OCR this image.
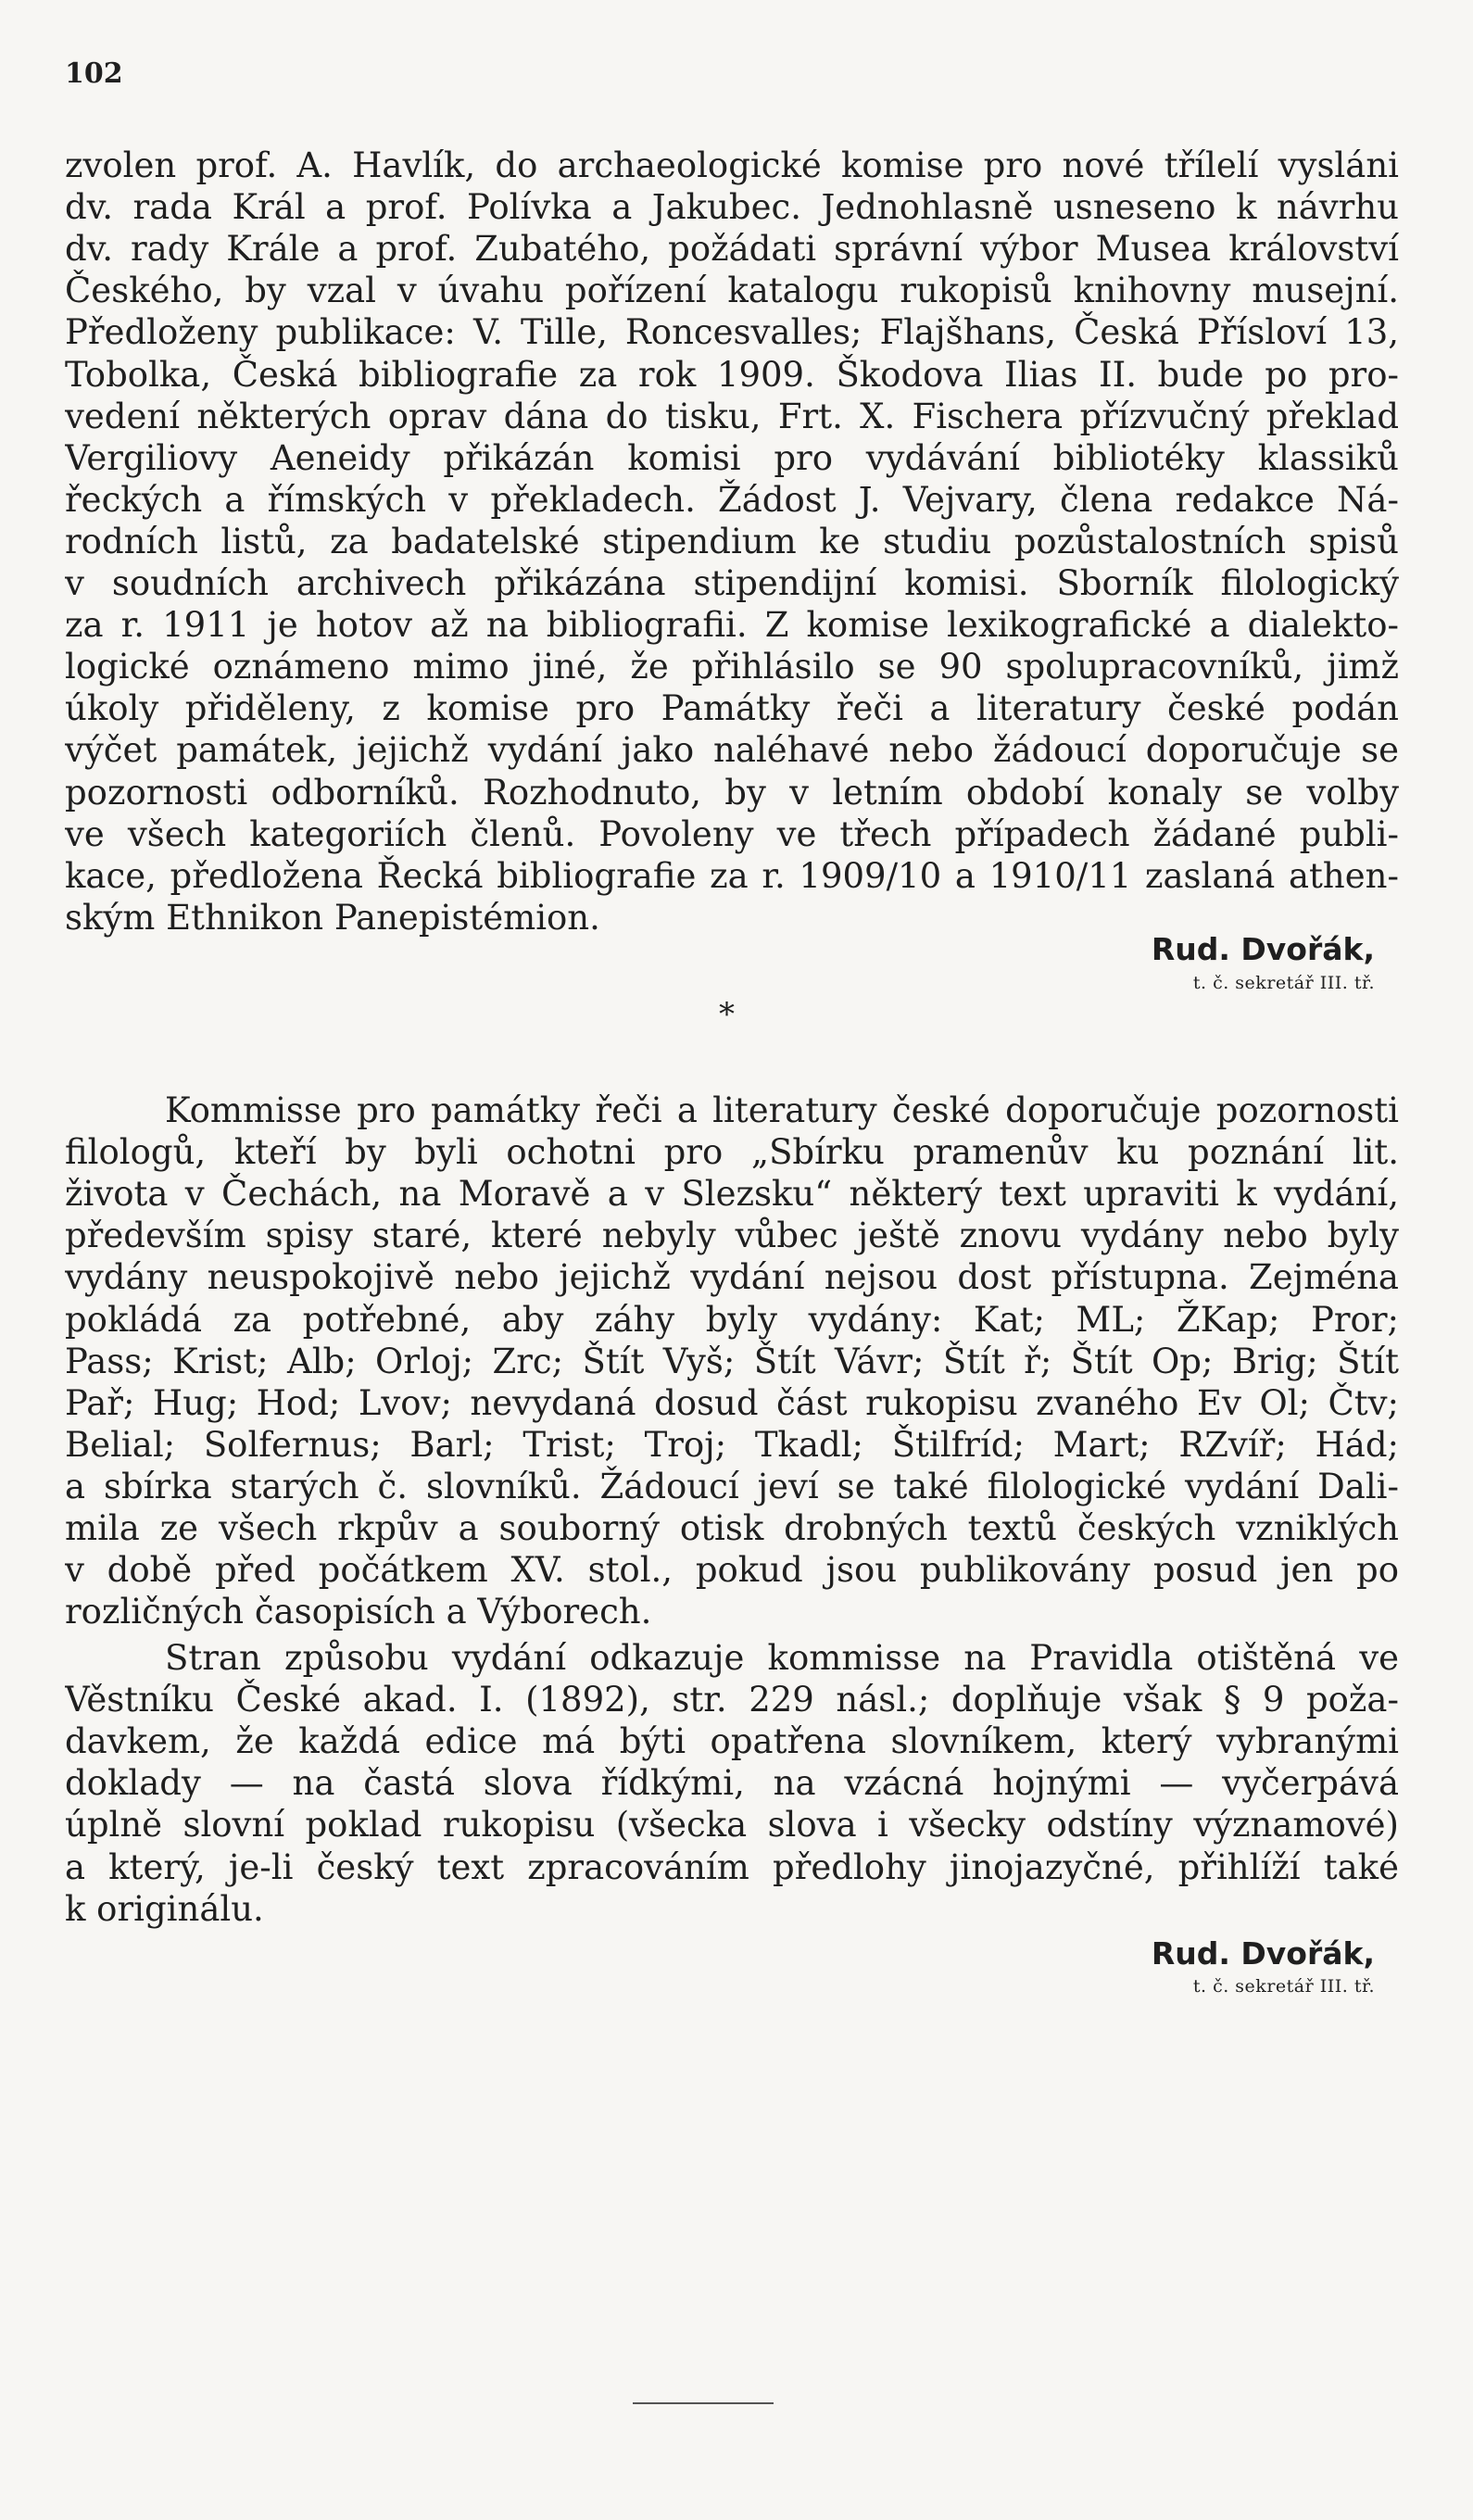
102

zvolen prof. A. Havlík, do archaeologické komise pro nové třílelí vysláni

dv. rada Král a prof. Polívka a Jakubec. Jednohlasně usneseno k návrhu

dv. rady Krále a prof. Zubatého, požádati správní výbor Musea království

Českého, by vzal v úvahu pořízení katalogu rukopisů knihovny musejní.

Předloženy publikace: V. Tille, Roncesvalles; Flajšhans, Česká Přísloví 13,

Tobolka, Česká bibliografie za rok 1909. Škodova Ilias II. bude po pro-

vedení některých oprav dána do tisku, Frt. X. Fischera přízvučný překlad

Vergiliovy Aeneidy přikázán komisi pro vydávání bibliotéky klassiků

řeckých a římských v překladech. Žádost J. Vejvary, člena redakce Ná-

rodních listů, za badatelské stipendium ke studiu pozůstalostních spisů

v soudních archivech přikázána stipendijní komisi. Sborník filologický

za r. 1911 je hotov až na bibliografii. Z komise lexikografické a dialekto-

logické oznámeno mimo jiné, že přihlásilo se 90 spolupracovníků, jimž

úkoly přiděleny, z komise pro Památky řeči a literatury české podán

výčet památek, jejichž vydání jako naléhavé nebo žádoucí doporučuje se

pozornosti odborníků. Rozhodnuto, by v letním období konaly se volby

ve všech kategoriích členů. Povoleny ve třech případech žádané publi-

kace, předložena Řecká bibliografie za r. 1909/10 a 1910/11 zaslaná athen-

ským Ethnikon Panepistémion.

Rud. Dvořák,

t. č. sekretář III. tř.

*

Kommisse pro památky řeči a literatury české doporučuje pozornosti

filologů, kteří by byli ochotni pro „Sbírku pramenův ku poznání lit.

života v Čechách, na Moravě a v Slezsku“ některý text upraviti k vydání,

především spisy staré, které nebyly vůbec ještě znovu vydány nebo byly

vydány neuspokojivě nebo jejichž vydání nejsou dost přístupna. Zejména

pokládá za potřebné, aby záhy byly vydány: Kat; ML; ŽKap; Pror;

Pass; Krist; Alb; Orloj; Zrc; Štít Vyš; Štít Vávr; Štít ř; Štít Op; Brig; Štít

Pař; Hug; Hod; Lvov; nevydaná dosud část rukopisu zvaného Ev Ol; Čtv;

Belial; Solfernus; Barl; Trist; Troj; Tkadl; Štilfríd; Mart; RZvíř; Hád;

a sbírka starých č. slovníků. Žádoucí jeví se také filologické vydání Dali-

mila ze všech rkpův a souborný otisk drobných textů českých vzniklých

v době před počátkem XV. stol., pokud jsou publikovány posud jen po

rozličných časopisích a Výborech.

Stran způsobu vydání odkazuje kommisse na Pravidla otištěná ve

Věstníku České akad. I. (1892), str. 229 násl.; doplňuje však § 9 poža-

davkem, že každá edice má býti opatřena slovníkem, který vybranými

doklady — na častá slova řídkými, na vzácná hojnými — vyčerpává

úplně slovní poklad rukopisu (všecka slova i všecky odstíny významové)

a který, je-li český text zpracováním předlohy jinojazyčné, přihlíží také

k originálu.

Rud. Dvořák,

t. č. sekretář III. tř.
